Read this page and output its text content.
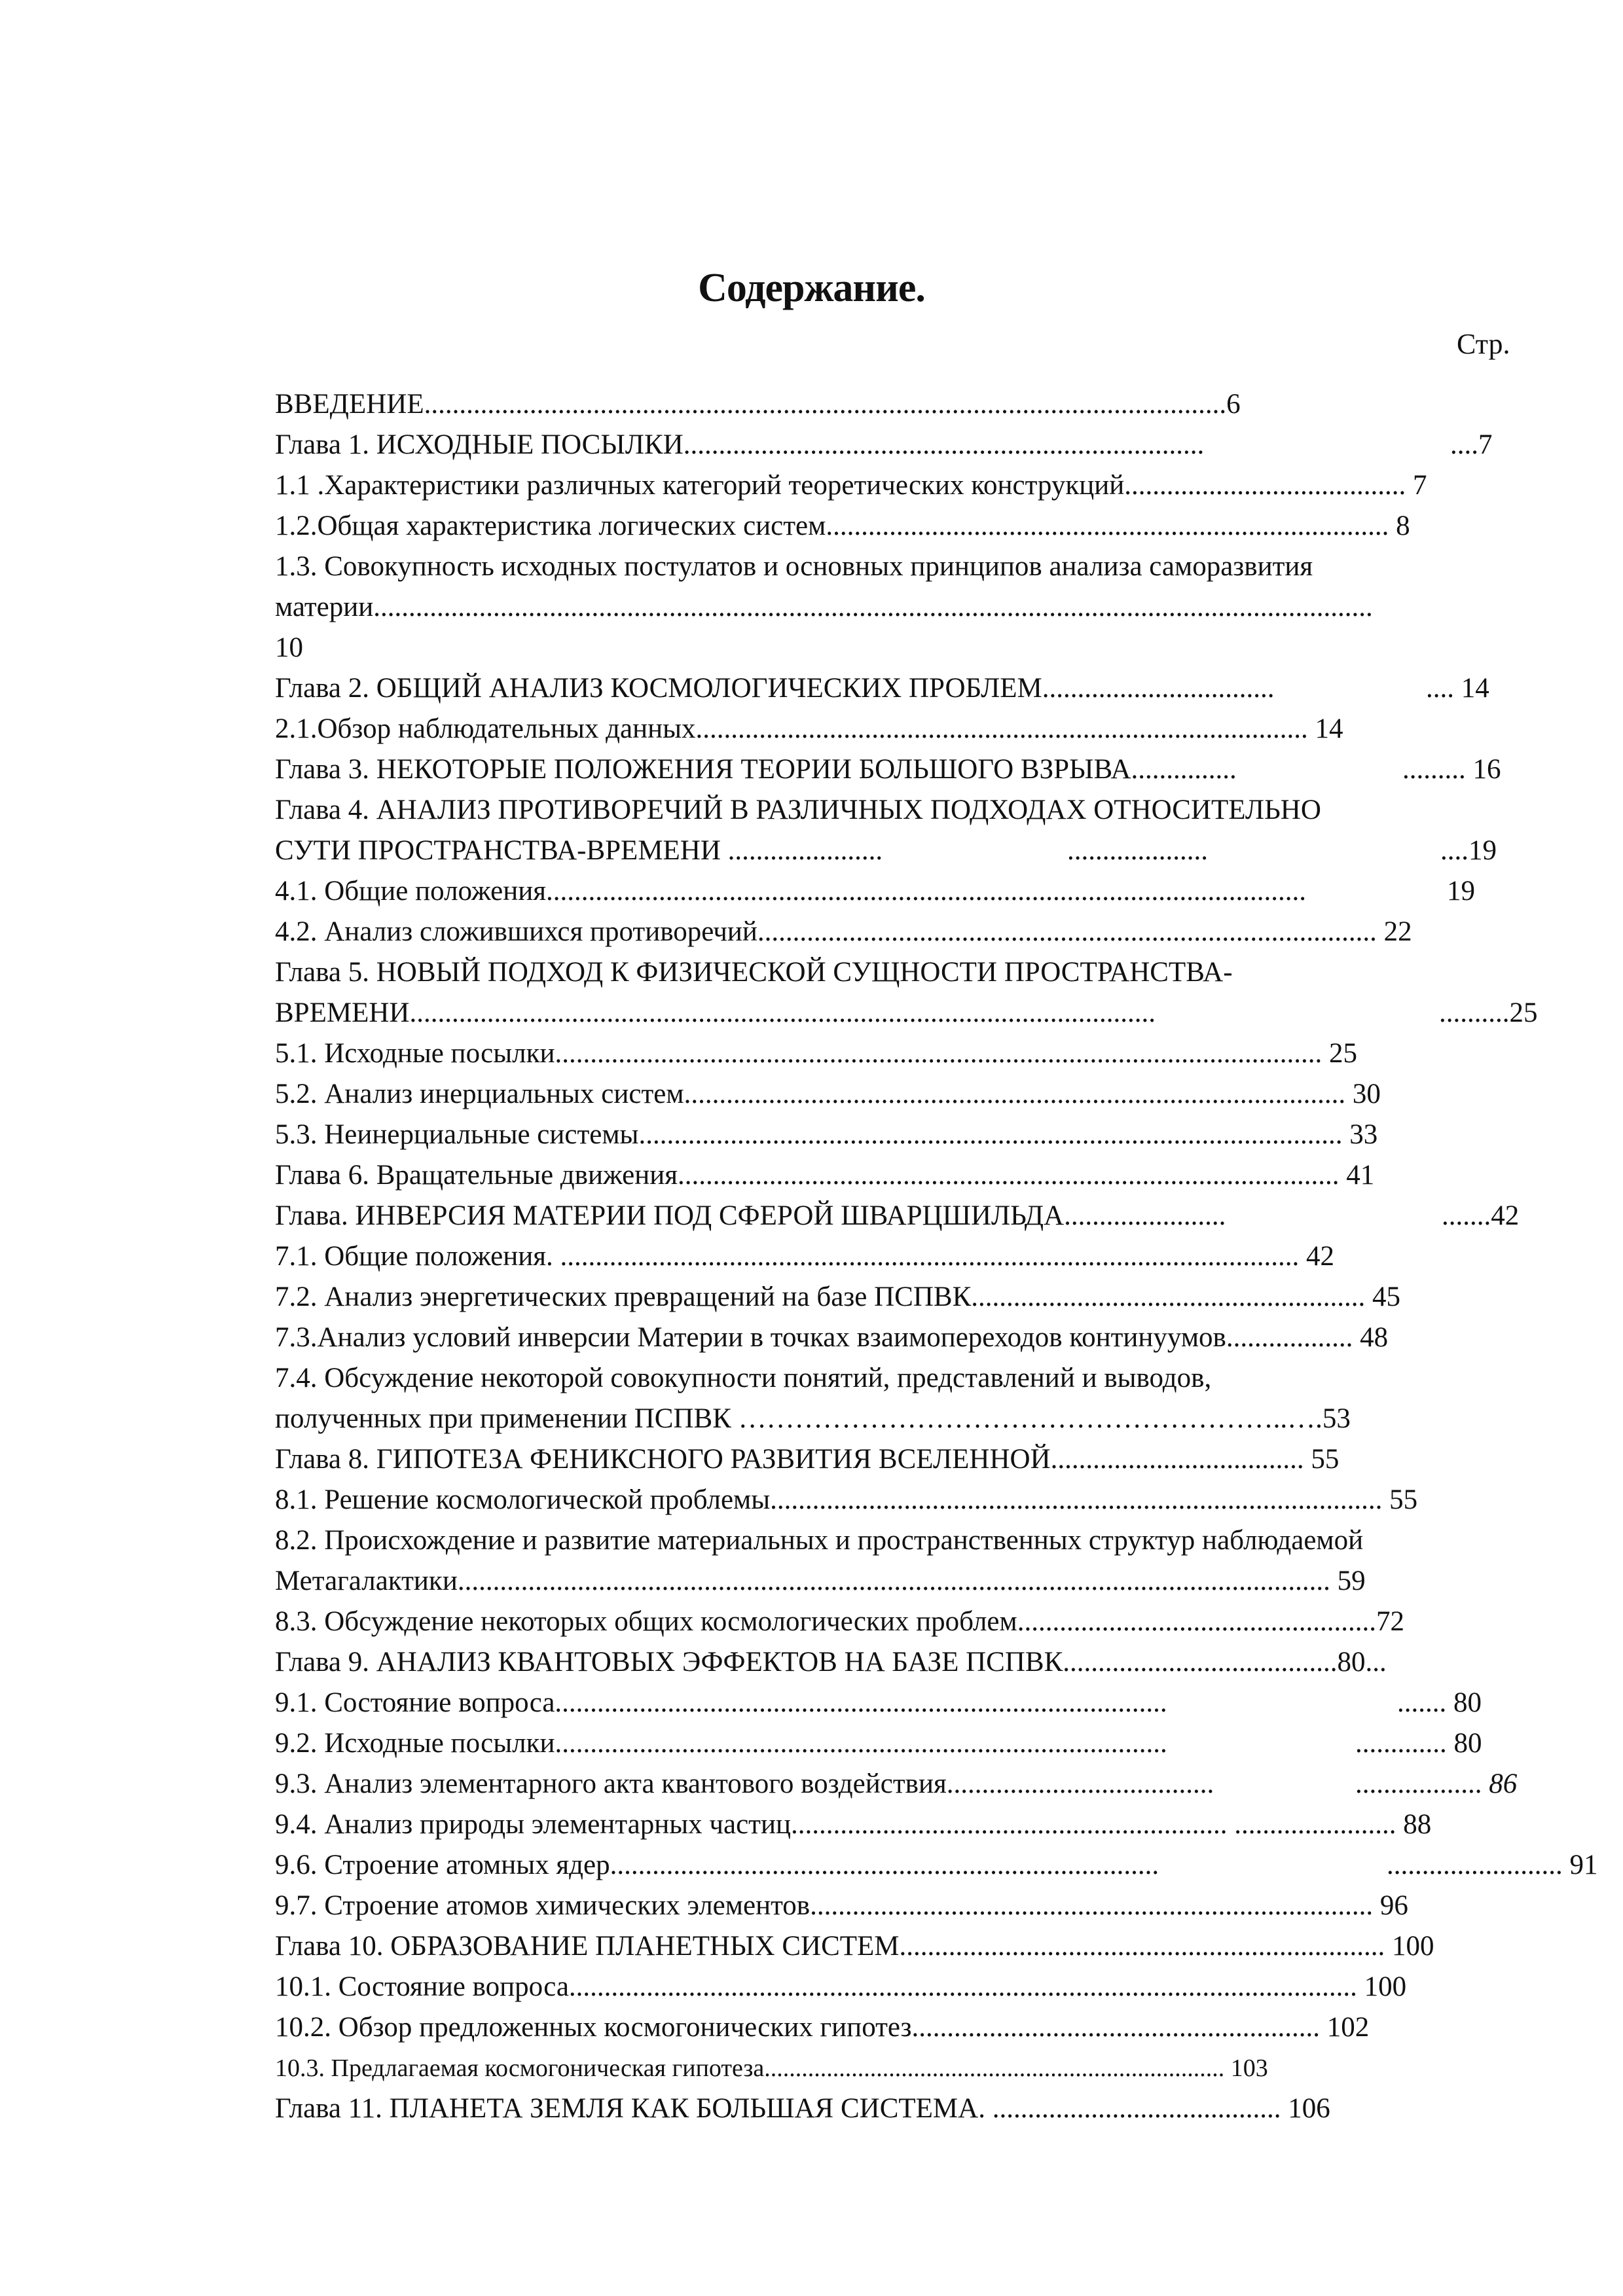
Содержание.
Стр.
ВВЕДЕНИЕ..................................................................................................................6
Глава 1. ИСХОДНЫЕ ПОСЫЛКИ..........................................................................	....7
1.1 .Характеристики различных категорий теоретических конструкций........................................ 7
1.2.Общая характеристика логических систем................................................................................ 8
1.3. Совокупность исходных постулатов и основных принципов анализа саморазвития
материи..............................................................................................................................................
10
Глава 2. ОБЩИЙ АНАЛИЗ КОСМОЛОГИЧЕСКИХ ПРОБЛЕМ.................................	.... 14
2.1.Обзор наблюдательных данных....................................................................................... 14
Глава 3. НЕКОТОРЫЕ ПОЛОЖЕНИЯ ТЕОРИИ БОЛЬШОГО ВЗРЫВА...............	......... 16
Глава 4. АНАЛИЗ ПРОТИВОРЕЧИЙ В РАЗЛИЧНЫХ ПОДХОДАХ ОТНОСИТЕЛЬНО
СУТИ ПРОСТРАНСТВА-ВРЕМЕНИ ......................	....................	....19
4.1. Общие положения............................................................................................................	19
4.2. Анализ сложившихся противоречий........................................................................................ 22
Глава 5. НОВЫЙ ПОДХОД К ФИЗИЧЕСКОЙ СУЩНОСТИ ПРОСТРАНСТВА-
ВРЕМЕНИ..........................................................................................................	..........25
5.1. Исходные посылки............................................................................................................. 25
5.2. Анализ инерциальных систем.............................................................................................. 30
5.3. Неинерциальные системы.................................................................................................... 33
Глава 6. Вращательные движения.............................................................................................. 41
Глава. ИНВЕРСИЯ МАТЕРИИ ПОД СФЕРОЙ ШВАРЦШИЛЬДА.......................	.......42
7.1. Общие положения. ......................................................................................................... 42
7.2. Анализ энергетических превращений на базе ПСПВК........................................................ 45
7.3.Анализ условий инверсии Материи в точках взаимопереходов континуумов.................. 48
7.4. Обсуждение некоторой совокупности понятий, представлений и выводов,
полученных при применении ПСПВК …………………………………………………..….53
Глава 8. ГИПОТЕЗА ФЕНИКСНОГО РАЗВИТИЯ ВСЕЛЕННОЙ.................................... 55
8.1. Решение космологической проблемы....................................................................................... 55
8.2. Происхождение и развитие материальных и пространственных структур наблюдаемой
Метагалактики............................................................................................................................ 59
8.3. Обсуждение некоторых общих космологических проблем...................................................72
Глава 9. АНАЛИЗ КВАНТОВЫХ ЭФФЕКТОВ НА БАЗЕ ПСПВК.......................................80...
9.1. Состояние вопроса.......................................................................................	....... 80
9.2. Исходные посылки.......................................................................................	............. 80
9.3. Анализ элементарного акта квантового воздействия......................................	.................. 86
9.4. Анализ природы элементарных частиц.............................................................. ....................... 88
9.6. Строение атомных ядер..............................................................................	......................... 91
9.7. Строение атомов химических элементов................................................................................ 96
Глава 10. ОБРАЗОВАНИЕ ПЛАНЕТНЫХ СИСТЕМ..................................................................... 100
10.1. Состояние вопроса................................................................................................................ 100
10.2. Обзор предложенных космогонических гипотез.......................................................... 102
10.3. Предлагаемая космогоническая гипотеза.......................................................................... 103
Глава 11. ПЛАНЕТА ЗЕМЛЯ КАК БОЛЬШАЯ СИСТЕМА. ......................................... 106
